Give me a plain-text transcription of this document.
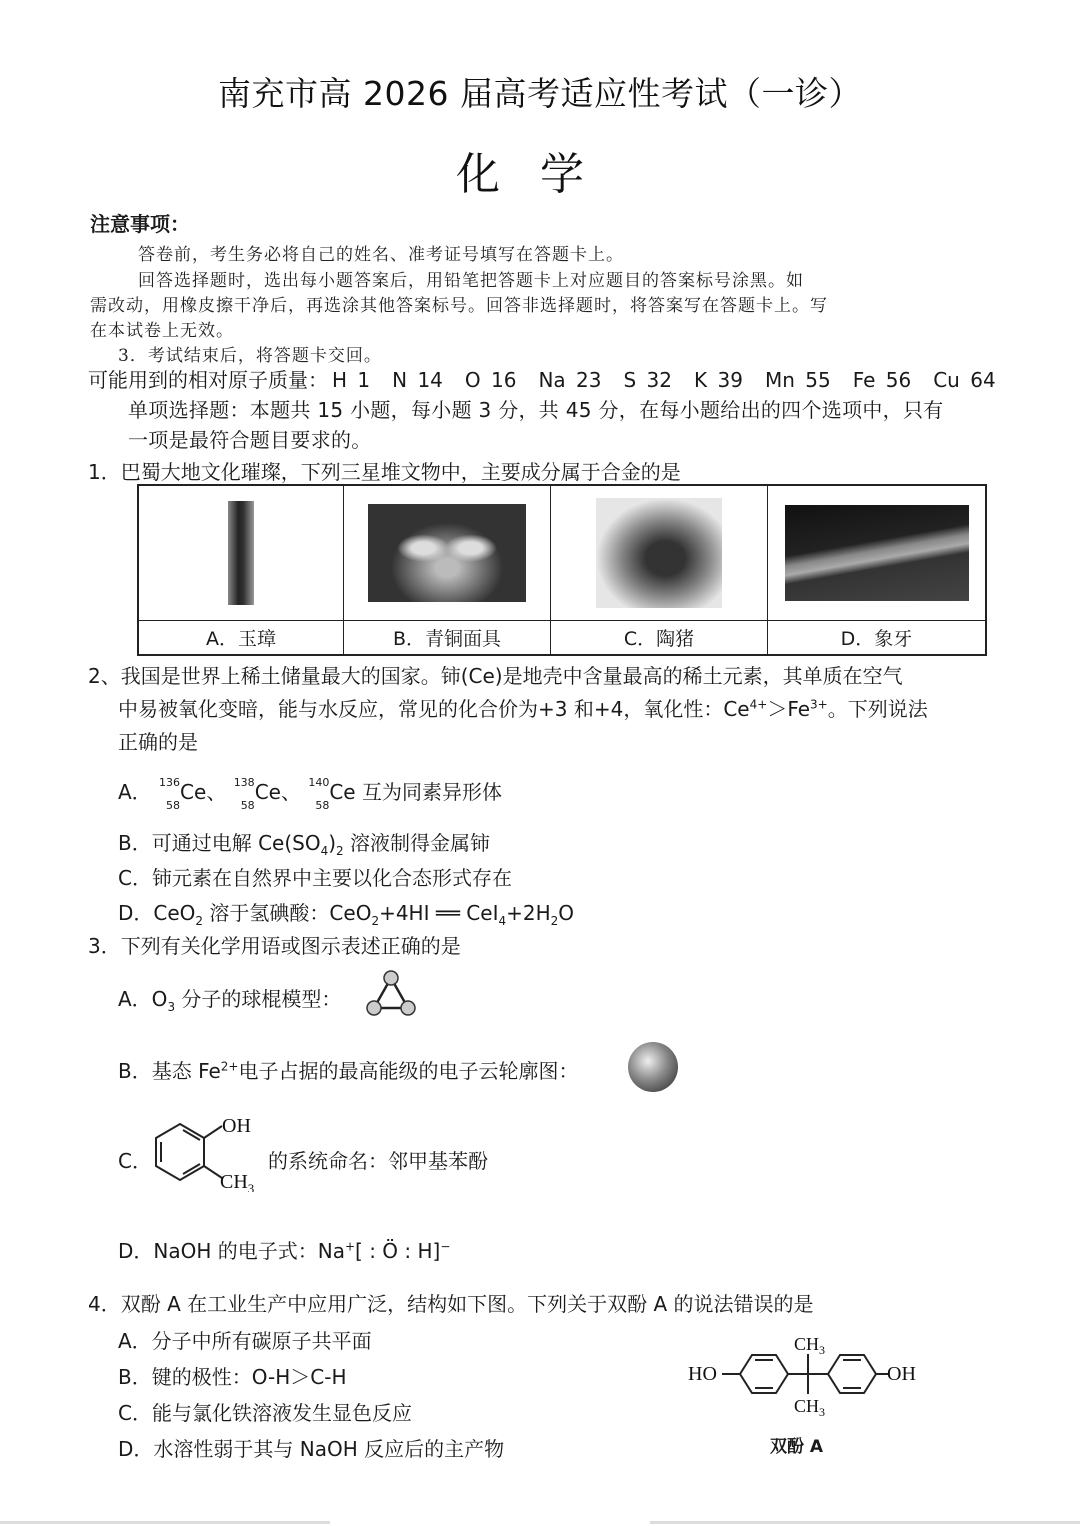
南充市高 2026 届高考适应性考试（一诊）
化学
注意事项：
答卷前，考生务必将自己的姓名、准考证号填写在答题卡上。
回答选择题时，选出每小题答案后，用铅笔把答题卡上对应题目的答案标号涂黑。如
需改动，用橡皮擦干净后，再选涂其他答案标号。回答非选择题时，将答案写在答题卡上。写
在本试卷上无效。
3．考试结束后，将答题卡交回。
可能用到的相对原子质量： H 1 N 14 O 16 Na 23 S 32 K 39 Mn 55 Fe 56 Cu 64
单项选择题：本题共 15 小题，每小题 3 分，共 45 分，在每小题给出的四个选项中，只有
一项是最符合题目要求的。
1．巴蜀大地文化璀璨，下列三星堆文物中，主要成分属于合金的是
A．玉璋	B．青铜面具	C．陶猪	D．象牙
2、我国是世界上稀土储量最大的国家。铈(Ce)是地壳中含量最高的稀土元素，其单质在空气
中易被氧化变暗，能与水反应，常见的化合价为+3 和+4，氧化性：$Ce^{4+}>Fe^{3+}$。下列说法
正确的是
A． 136
58
Ce、 138
58
Ce、 140
58
Ce 互为同素异形体
B．可通过电解 $Ce(SO_4)_2$ 溶液制得金属铈
C．铈元素在自然界中主要以化合态形式存在
D．CeO$_2$ 溶于氢碘酸：CeO$_2$+4HI ══ $CeI_4+2H_2O$
3．下列有关化学用语或图示表述正确的是
A．$O_3$ 分子的球棍模型：
B．基态 $Fe^{2+}$电子占据的最高能级的电子云轮廓图：
C．
OH
$CH_3$
的系统命名：邻甲基苯酚
D．NaOH 的电子式：Na+[ : Ö : H]−
4．双酚 A 在工业生产中应用广泛，结构如下图。下列关于双酚 A 的说法错误的是
A．分子中所有碳原子共平面
B．键的极性：O-H＞C-H
C．能与氯化铁溶液发生显色反应
D．水溶性弱于其与 NaOH 反应后的主产物
HO
$CH_3$
$CH_3$
OH
双酚 A
